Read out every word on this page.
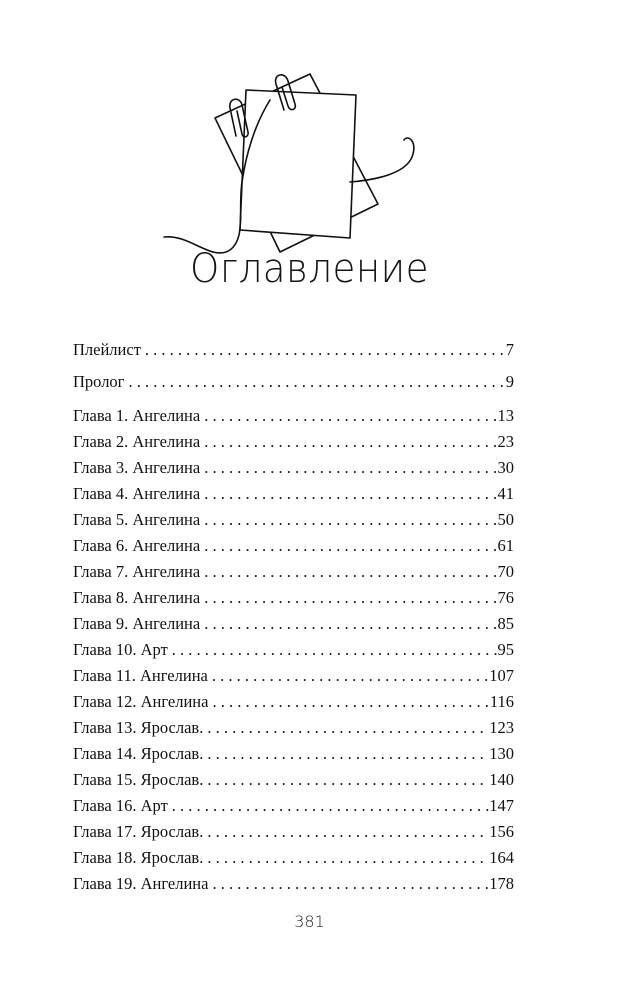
Оглавление
Плейлист . . .	7
Пролог . . .	9
Глава 1. Ангелина . . .	13
Глава 2. Ангелина . . .	23
Глава 3. Ангелина . . .	30
Глава 4. Ангелина . . .	41
Глава 5. Ангелина . . .	50
Глава 6. Ангелина . . .	61
Глава 7. Ангелина . . .	70
Глава 8. Ангелина . . .	76
Глава 9. Ангелина . . .	85
Глава 10. Арт . . .	95
Глава 11. Ангелина . . .	107
Глава 12. Ангелина . . .	116
Глава 13. Ярослав. . . .	123
Глава 14. Ярослав. . . .	130
Глава 15. Ярослав. . . .	140
Глава 16. Арт . . .	147
Глава 17. Ярослав. . . .	156
Глава 18. Ярослав. . . .	164
Глава 19. Ангелина . . .	178
381
